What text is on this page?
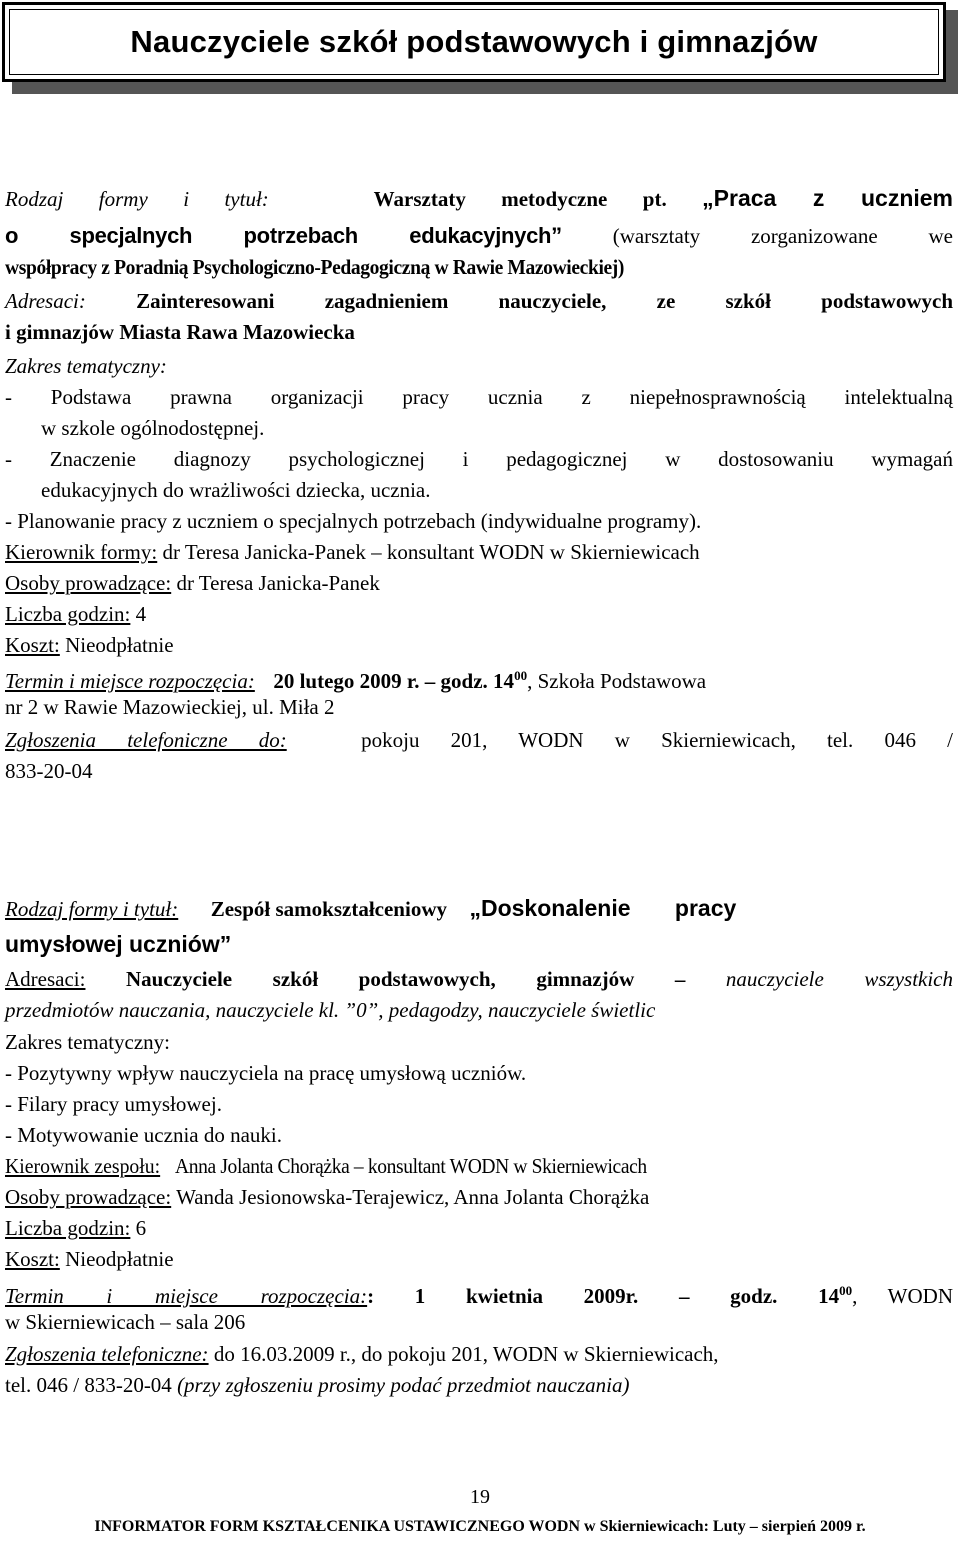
Nauczyciele szkół podstawowych i gimnazjów
Rodzaj formy i tytuł:	Warsztaty metodyczne pt. „Praca z uczniem
o specjalnych potrzebach edukacyjnych” (warsztaty zorganizowane we
współpracy z Poradnią Psychologiczno-Pedagogiczną w Rawie Mazowieckiej)
Adresaci: Zainteresowani zagadnieniem nauczyciele, ze szkół podstawowych
i gimnazjów Miasta Rawa Mazowiecka
Zakres tematyczny:
- Podstawa prawna organizacji pracy ucznia z niepełnosprawnością intelektualną
w szkole ogólnodostępnej.
- Znaczenie diagnozy psychologicznej i pedagogicznej w dostosowaniu wymagań
edukacyjnych do wrażliwości dziecka, ucznia.
- Planowanie pracy z uczniem o specjalnych potrzebach (indywidualne programy).
Kierownik formy: dr Teresa Janicka-Panek – konsultant WODN w Skierniewicach
Osoby prowadzące: dr Teresa Janicka-Panek
Liczba godzin: 4
Koszt: Nieodpłatnie
Termin i miejsce rozpoczęcia: 20 lutego 2009 r. – godz. $14^{00}$, Szkoła Podstawowa
nr 2 w Rawie Mazowieckiej, ul. Miła 2
Zgłoszenia telefoniczne do:	pokoju 201, WODN w Skierniewicach, tel. 046 /
833-20-04
Rodzaj formy i tytuł: Zespół samokształceniowy „Doskonalenie pracy
umysłowej uczniów”
Adresaci: Nauczyciele szkół podstawowych, gimnazjów – nauczyciele wszystkich
przedmiotów nauczania, nauczyciele kl. ”0”, pedagodzy, nauczyciele świetlic
Zakres tematyczny:
- Pozytywny wpływ nauczyciela na pracę umysłową uczniów.
- Filary pracy umysłowej.
- Motywowanie ucznia do nauki.
Kierownik zespołu: Anna Jolanta Chorążka – konsultant WODN w Skierniewicach
Osoby prowadzące: Wanda Jesionowska-Terajewicz, Anna Jolanta Chorążka
Liczba godzin: 6
Koszt: Nieodpłatnie
Termin i miejsce rozpoczęcia:: 1 kwietnia 2009r. – godz. $14^{00}$, WODN
w Skierniewicach – sala 206
Zgłoszenia telefoniczne: do 16.03.2009 r., do pokoju 201, WODN w Skierniewicach,
tel. 046 / 833-20-04 (przy zgłoszeniu prosimy podać przedmiot nauczania)
19
INFORMATOR FORM KSZTAŁCENIKA USTAWICZNEGO WODN w Skierniewicach: Luty – sierpień 2009 r.
